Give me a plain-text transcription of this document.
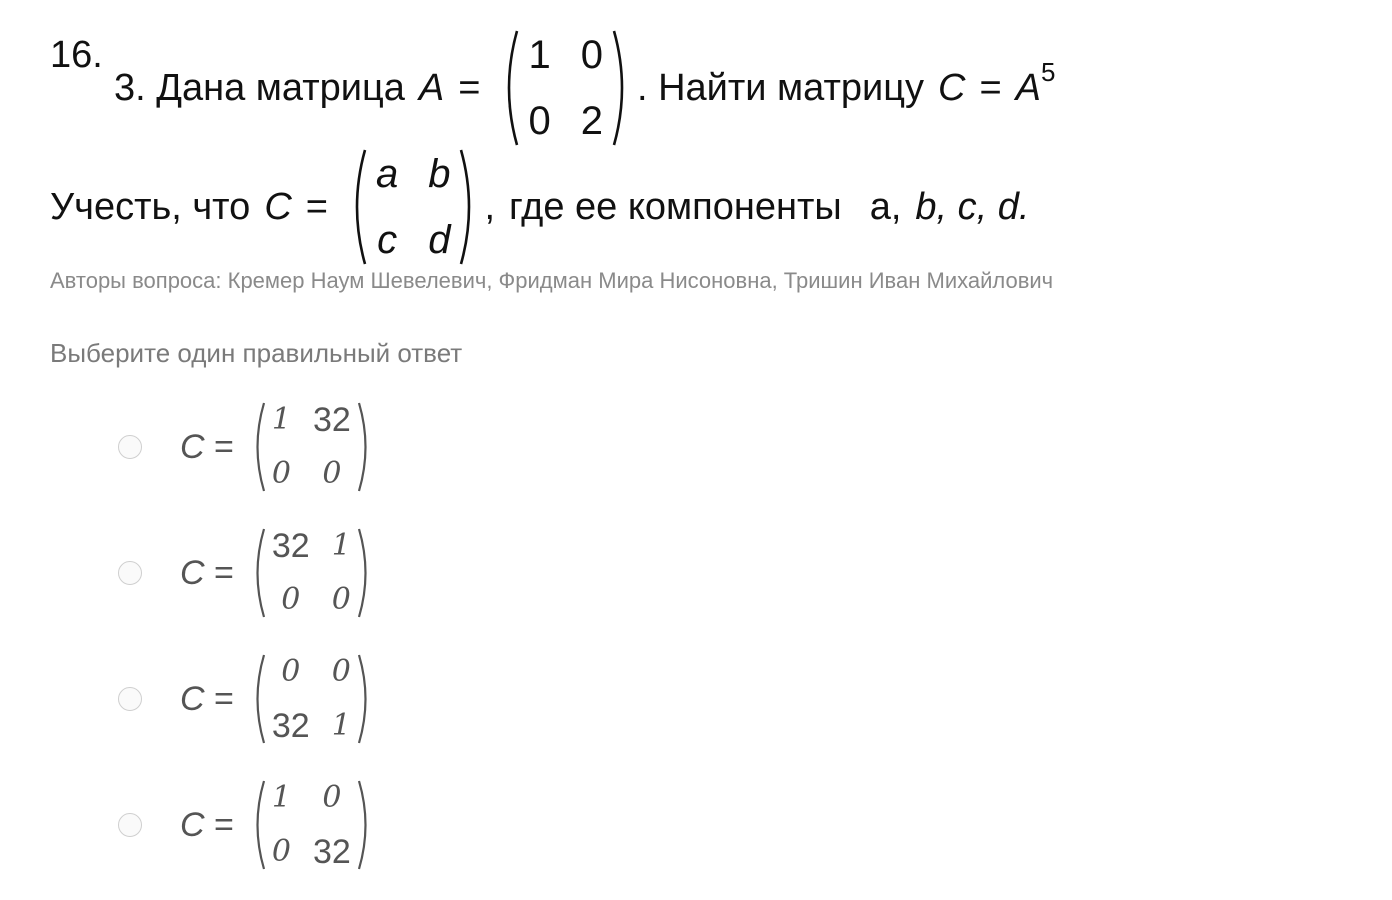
16.
3. Дана матрица A =
1 0
0 2
. Найти матрицу $C = A^5$
Учесть, что C =
a b
c d
, где ее компоненты a, b, c, d.
Авторы вопроса: Кремер Наум Шевелевич, Фридман Мира Нисоновна, Тришин Иван Михайлович
Выберите один правильный ответ
C
=
1 32
0	0
C
=
32 1
0	0
C
=
0	0
32 1
C
=
1	0
0 32
